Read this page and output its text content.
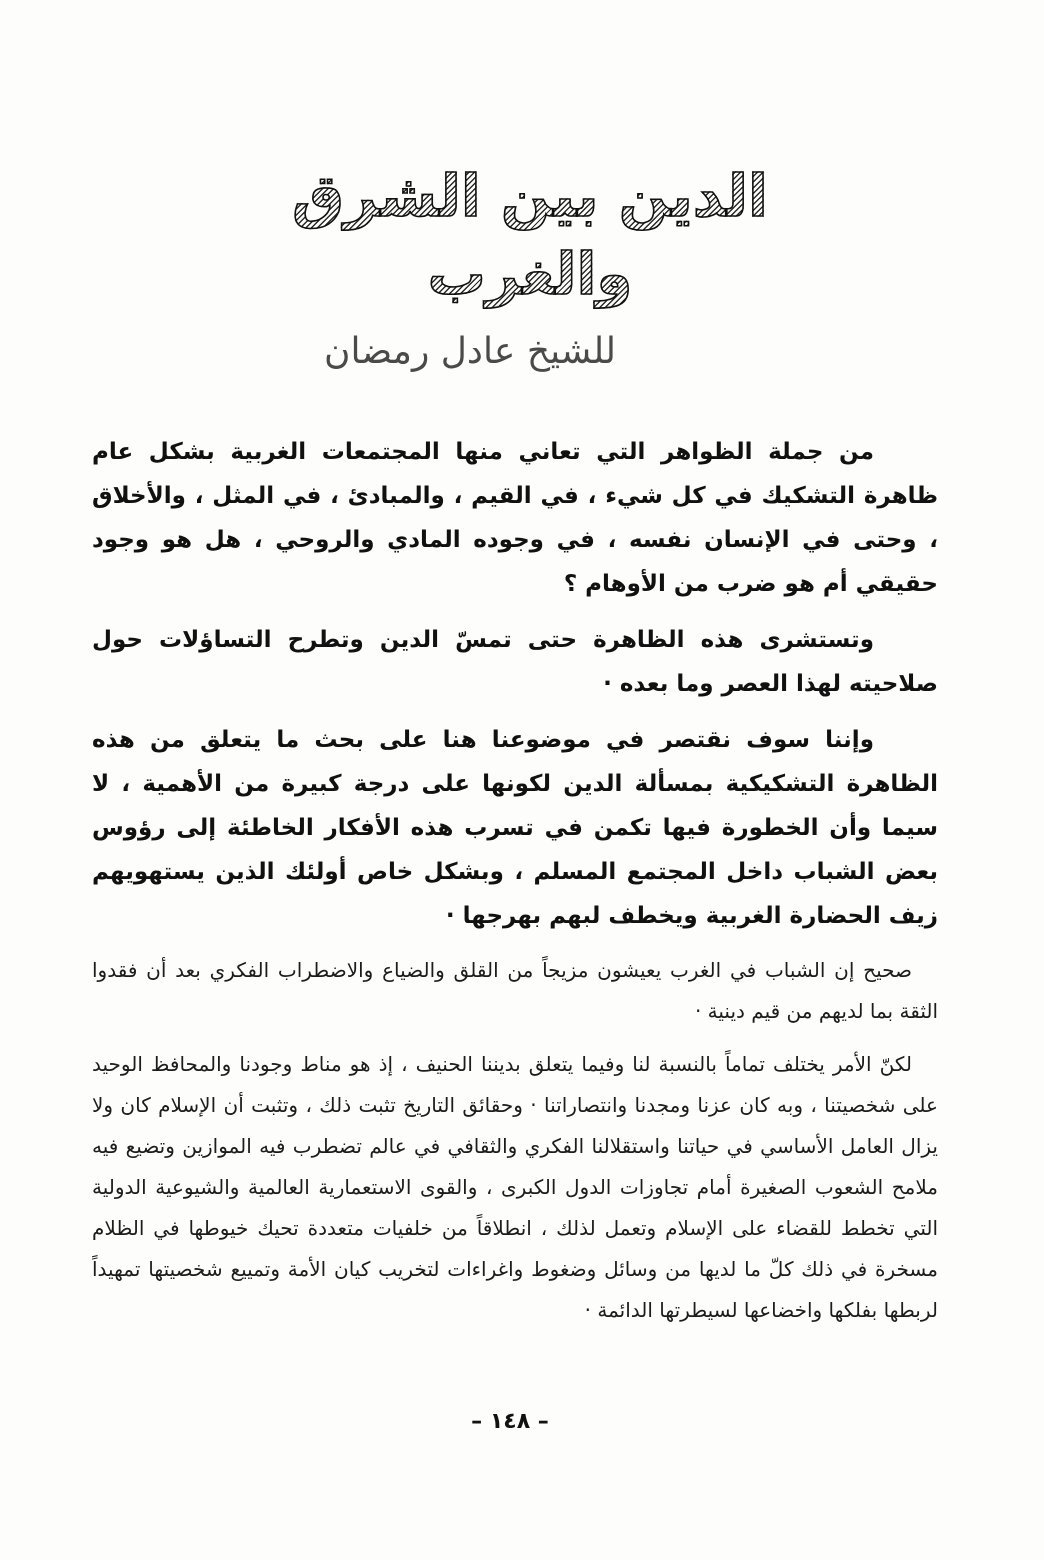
الدين بين الشرق والغرب
للشيخ عادل رمضان

من جملة الظواهر التي تعاني منها المجتمعات الغربية بشكل عام ظاهرة التشكيك في كل شيء ، في القيم ، والمبادئ ، في المثل ، والأخلاق ، وحتى في الإنسان نفسه ، في وجوده المادي والروحي ، هل هو وجود حقيقي أم هو ضرب من الأوهام ؟

وتستشرى هذه الظاهرة حتى تمسّ الدين وتطرح التساؤلات حول صلاحيته لهذا العصر وما بعده ·

وإننا سوف نقتصر في موضوعنا هنا على بحث ما يتعلق من هذه الظاهرة التشكيكية بمسألة الدين لكونها على درجة كبيرة من الأهمية ، لا سيما وأن الخطورة فيها تكمن في تسرب هذه الأفكار الخاطئة إلى رؤوس بعض الشباب داخل المجتمع المسلم ، وبشكل خاص أولئك الذين يستهويهم زيف الحضارة الغربية ويخطف لبهم بهرجها ·

صحيح إن الشباب في الغرب يعيشون مزيجاً من القلق والضياع والاضطراب الفكري بعد أن فقدوا الثقة بما لديهم من قيم دينية ·

لكنّ الأمر يختلف تماماً بالنسبة لنا وفيما يتعلق بديننا الحنيف ، إذ هو مناط وجودنا والمحافظ الوحيد على شخصيتنا ، وبه كان عزنا ومجدنا وانتصاراتنا · وحقائق التاريخ تثبت ذلك ، وتثبت أن الإسلام كان ولا يزال العامل الأساسي في حياتنا واستقلالنا الفكري والثقافي في عالم تضطرب فيه الموازين وتضيع فيه ملامح الشعوب الصغيرة أمام تجاوزات الدول الكبرى ، والقوى الاستعمارية العالمية والشيوعية الدولية التي تخطط للقضاء على الإسلام وتعمل لذلك ، انطلاقاً من خلفيات متعددة تحيك خيوطها في الظلام مسخرة في ذلك كلّ ما لديها من وسائل وضغوط واغراءات لتخريب كيان الأمة وتمييع شخصيتها تمهيداً لربطها بفلكها واخضاعها لسيطرتها الدائمة ·

– ١٤٨ –
